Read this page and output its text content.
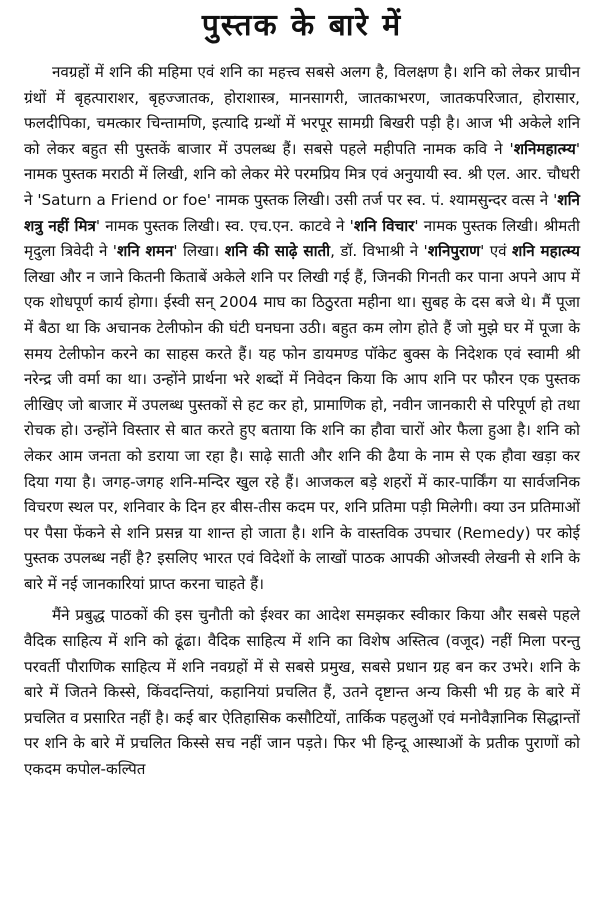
पुस्तक के बारे में

नवग्रहों में शनि की महिमा एवं शनि का महत्त्व सबसे अलग है, विलक्षण है। शनि को लेकर प्राचीन ग्रंथों में बृहत्पाराशर, बृहज्जातक, होराशास्त्र, मानसागरी, जातकाभरण, जातकपरिजात, होरासार, फलदीपिका, चमत्कार चिन्तामणि, इत्यादि ग्रन्थों में भरपूर सामग्री बिखरी पड़ी है। आज भी अकेले शनि को लेकर बहुत सी पुस्तकें बाजार में उपलब्ध हैं। सबसे पहले महीपति नामक कवि ने 'शनिमहात्म्य' नामक पुस्तक मराठी में लिखी, शनि को लेकर मेरे परमप्रिय मित्र एवं अनुयायी स्व. श्री एल. आर. चौधरी ने 'Saturn a Friend or foe' नामक पुस्तक लिखी। उसी तर्ज पर स्व. पं. श्यामसुन्दर वत्स ने 'शनि शत्रु नहीं मित्र' नामक पुस्तक लिखी। स्व. एच.एन. काटवे ने 'शनि विचार' नामक पुस्तक लिखी। श्रीमती मृदुला त्रिवेदी ने 'शनि शमन' लिखा। शनि की साढ़े साती, डॉ. विभाश्री ने 'शनिपुराण' एवं शनि महात्म्य लिखा और न जाने कितनी किताबें अकेले शनि पर लिखी गई हैं, जिनकी गिनती कर पाना अपने आप में एक शोधपूर्ण कार्य होगा। ईस्वी सन् 2004 माघ का ठिठुरता महीना था। सुबह के दस बजे थे। मैं पूजा में बैठा था कि अचानक टेलीफोन की घंटी घनघना उठी। बहुत कम लोग होते हैं जो मुझे घर में पूजा के समय टेलीफोन करने का साहस करते हैं। यह फोन डायमण्ड पॉकेट बुक्स के निदेशक एवं स्वामी श्री नरेन्द्र जी वर्मा का था। उन्होंने प्रार्थना भरे शब्दों में निवेदन किया कि आप शनि पर फौरन एक पुस्तक लीखिए जो बाजार में उपलब्ध पुस्तकों से हट कर हो, प्रामाणिक हो, नवीन जानकारी से परिपूर्ण हो तथा रोचक हो। उन्होंने विस्तार से बात करते हुए बताया कि शनि का हौवा चारों ओर फैला हुआ है। शनि को लेकर आम जनता को डराया जा रहा है। साढ़े साती और शनि की ढैया के नाम से एक हौवा खड़ा कर दिया गया है। जगह-जगह शनि-मन्दिर खुल रहे हैं। आजकल बड़े शहरों में कार-पार्किंग या सार्वजनिक विचरण स्थल पर, शनिवार के दिन हर बीस-तीस कदम पर, शनि प्रतिमा पड़ी मिलेगी। क्या उन प्रतिमाओं पर पैसा फेंकने से शनि प्रसन्न या शान्त हो जाता है। शनि के वास्तविक उपचार (Remedy) पर कोई पुस्तक उपलब्ध नहीं है? इसलिए भारत एवं विदेशों के लाखों पाठक आपकी ओजस्वी लेखनी से शनि के बारे में नई जानकारियां प्राप्त करना चाहते हैं।

मैंने प्रबुद्ध पाठकों की इस चुनौती को ईश्वर का आदेश समझकर स्वीकार किया और सबसे पहले वैदिक साहित्य में शनि को ढूंढा। वैदिक साहित्य में शनि का विशेष अस्तित्व (वजूद) नहीं मिला परन्तु परवर्ती पौराणिक साहित्य में शनि नवग्रहों में से सबसे प्रमुख, सबसे प्रधान ग्रह बन कर उभरे। शनि के बारे में जितने किस्से, किंवदन्तियां, कहानियां प्रचलित हैं, उतने दृष्टान्त अन्य किसी भी ग्रह के बारे में प्रचलित व प्रसारित नहीं है। कई बार ऐतिहासिक कसौटियों, तार्किक पहलुओं एवं मनोवैज्ञानिक सिद्धान्तों पर शनि के बारे में प्रचलित किस्से सच नहीं जान पड़ते। फिर भी हिन्दू आस्थाओं के प्रतीक पुराणों को एकदम कपोल-कल्पित
